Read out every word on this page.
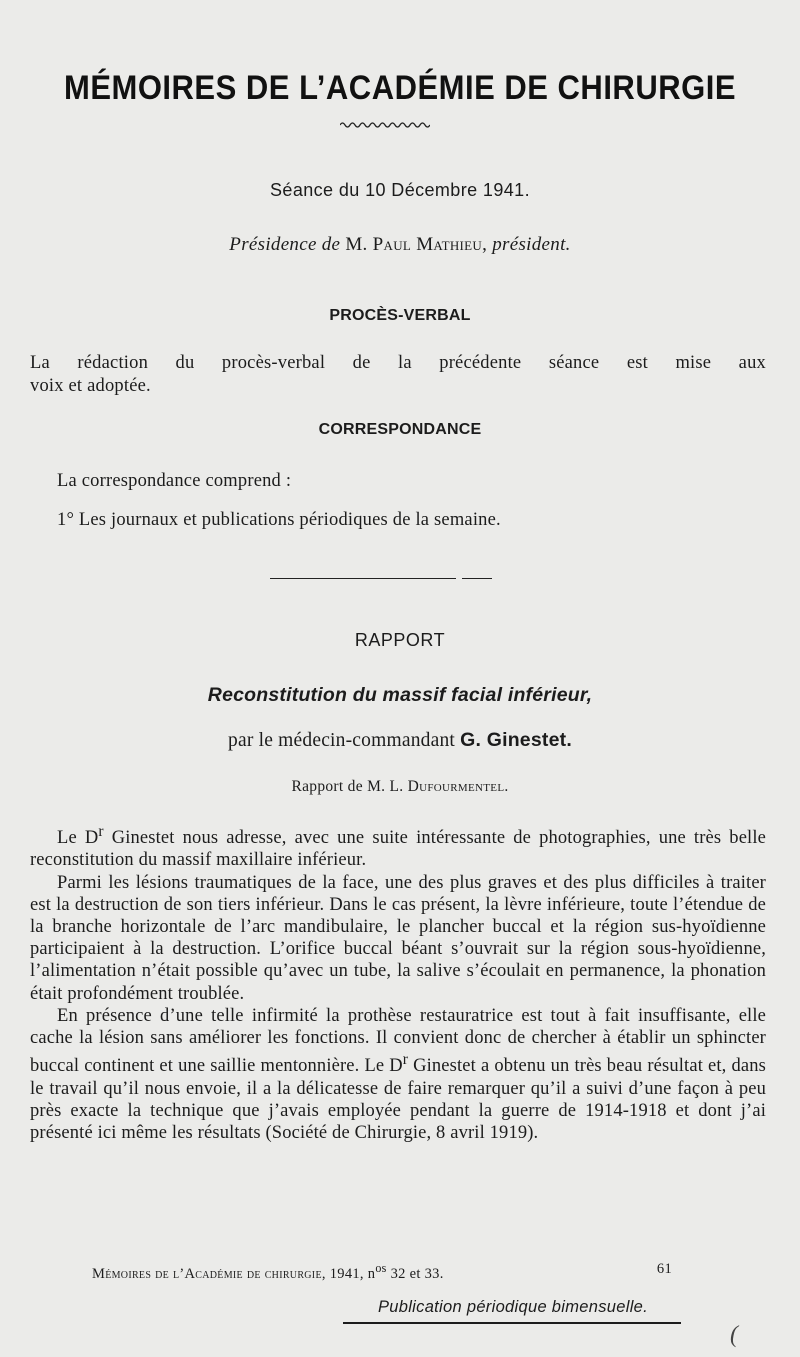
MÉMOIRES DE L’ACADÉMIE DE CHIRURGIE
Séance du 10 Décembre 1941.
Présidence de M. Paul Mathieu, président.
PROCÈS-VERBAL
La rédaction du procès-verbal de la précédente séance est mise aux
voix et adoptée.
CORRESPONDANCE
La correspondance comprend :
1° Les journaux et publications périodiques de la semaine.
RAPPORT
Reconstitution du massif facial inférieur,
par le médecin-commandant G. Ginestet.
Rapport de M. L. Dufourmentel.

Le $D^r$ Ginestet nous adresse, avec une suite intéressante de photographies, une très belle reconstitution du massif maxillaire inférieur.

Parmi les lésions traumatiques de la face, une des plus graves et des plus difficiles à traiter est la destruction de son tiers inférieur. Dans le cas présent, la lèvre inférieure, toute l’étendue de la branche horizontale de l’arc mandibulaire, le plancher buccal et la région sus-hyoïdienne participaient à la destruction. L’orifice buccal béant s’ouvrait sur la région sous-hyoïdienne, l’alimentation n’était possible qu’avec un tube, la salive s’écoulait en permanence, la phonation était profondément troublée.

En présence d’une telle infirmité la prothèse restauratrice est tout à fait insuffisante, elle cache la lésion sans améliorer les fonctions. Il convient donc de chercher à établir un sphincter buccal continent et une saillie mentonnière. Le $D^r$ Ginestet a obtenu un très beau résultat et, dans le travail qu’il nous envoie, il a la délicatesse de faire remarquer qu’il a suivi d’une façon à peu près exacte la technique que j’avais employée pendant la guerre de 1914-1918 et dont j’ai présenté ici même les résultats (Société de Chirurgie, 8 avril 1919).

Mémoires de l’Académie de chirurgie, 1941, $n^{os}$ 32 et 33.	61
Publication périodique bimensuelle.
(
